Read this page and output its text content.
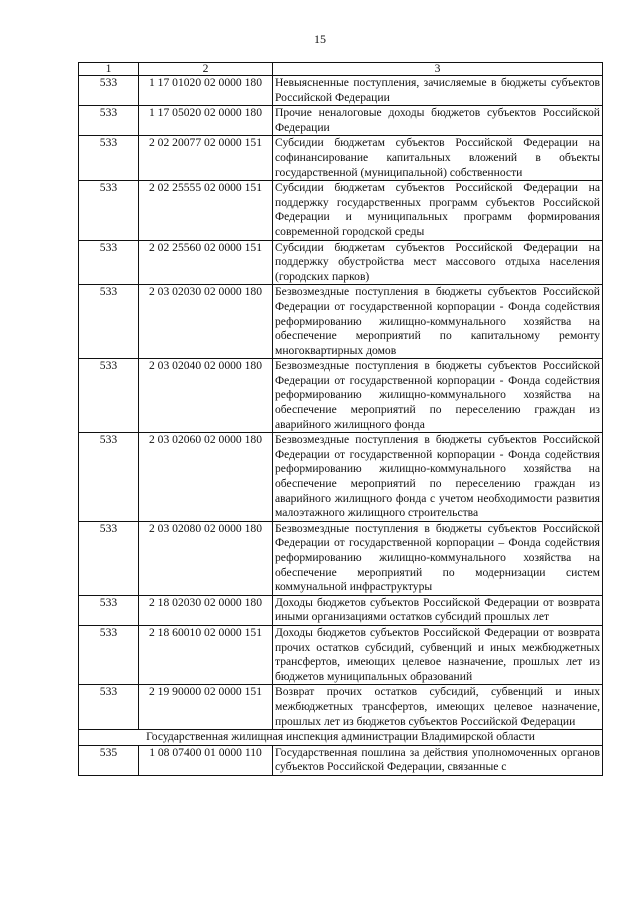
15
1	2	3
533	1 17 01020 02 0000 180	Невыясненные поступления, зачисляемые в бюджеты субъектов Российской Федерации
533	1 17 05020 02 0000 180	Прочие неналоговые доходы бюджетов субъектов Российской Федерации
533	2 02 20077 02 0000 151	Субсидии бюджетам субъектов Российской Федерации на софинансирование капитальных вложений в объекты государственной (муниципальной) собственности
533	2 02 25555 02 0000 151	Субсидии бюджетам субъектов Российской Федерации на поддержку государственных программ субъектов Российской Федерации и муниципальных программ формирования современной городской среды
533	2 02 25560 02 0000 151	Субсидии бюджетам субъектов Российской Федерации на поддержку обустройства мест массового отдыха населения (городских парков)
533	2 03 02030 02 0000 180	Безвозмездные поступления в бюджеты субъектов Российской Федерации от государственной корпорации - Фонда содействия реформированию жилищно-коммунального хозяйства на обеспечение мероприятий по капитальному ремонту многоквартирных домов
533	2 03 02040 02 0000 180	Безвозмездные поступления в бюджеты субъектов Российской Федерации от государственной корпорации - Фонда содействия реформированию жилищно-коммунального хозяйства на обеспечение мероприятий по переселению граждан из аварийного жилищного фонда
533	2 03 02060 02 0000 180	Безвозмездные поступления в бюджеты субъектов Российской Федерации от государственной корпорации - Фонда содействия реформированию жилищно-коммунального хозяйства на обеспечение мероприятий по переселению граждан из аварийного жилищного фонда с учетом необходимости развития малоэтажного жилищного строительства
533	2 03 02080 02 0000 180	Безвозмездные поступления в бюджеты субъектов Российской Федерации от государственной корпорации – Фонда содействия реформированию жилищно-коммунального хозяйства на обеспечение мероприятий по модернизации систем коммунальной инфраструктуры
533	2 18 02030 02 0000 180	Доходы бюджетов субъектов Российской Федерации от возврата иными организациями остатков субсидий прошлых лет
533	2 18 60010 02 0000 151	Доходы бюджетов субъектов Российской Федерации от возврата прочих остатков субсидий, субвенций и иных межбюджетных трансфертов, имеющих целевое назначение, прошлых лет из бюджетов муниципальных образований
533	2 19 90000 02 0000 151	Возврат прочих остатков субсидий, субвенций и иных межбюджетных трансфертов, имеющих целевое назначение, прошлых лет из бюджетов субъектов Российской Федерации
Государственная жилищная инспекция администрации Владимирской области		
535	1 08 07400 01 0000 110	Государственная пошлина за действия уполномоченных органов субъектов Российской Федерации, связанные с
